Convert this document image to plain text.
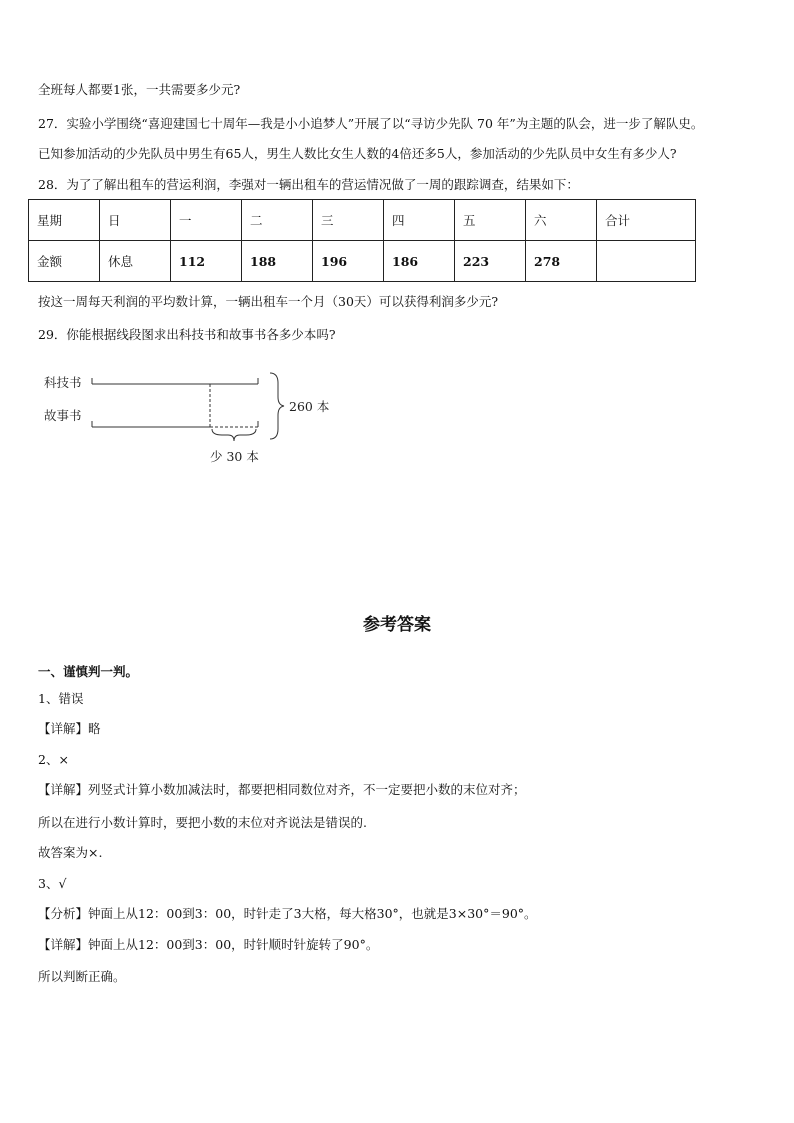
全班每人都要1张，一共需要多少元?
27．实验小学围绕“喜迎建国七十周年—我是小小追梦人”开展了以“寻访少先队 70 年”为主题的队会，进一步了解队史。
已知参加活动的少先队员中男生有65人，男生人数比女生人数的4倍还多5人，参加活动的少先队员中女生有多少人?
28．为了了解出租车的营运利润，李强对一辆出租车的营运情况做了一周的跟踪调查，结果如下：
星期	日	一	二	三	四	五	六	合计
金额	休息	112	188	196	186	223	278	
按这一周每天利润的平均数计算，一辆出租车一个月（30天）可以获得利润多少元?
29．你能根据线段图求出科技书和故事书各多少本吗?
科技书
故事书
少 30 本
260 本
参考答案
一、谨慎判一判。
1、错误
【详解】略
2、×
【详解】列竖式计算小数加减法时，都要把相同数位对齐，不一定要把小数的末位对齐；
所以在进行小数计算时，要把小数的末位对齐说法是错误的.
故答案为×.
3、√
【分析】钟面上从12：00到3：00，时针走了3大格，每大格30°，也就是3×30°＝90°。
【详解】钟面上从12：00到3：00，时针顺时针旋转了90°。
所以判断正确。
